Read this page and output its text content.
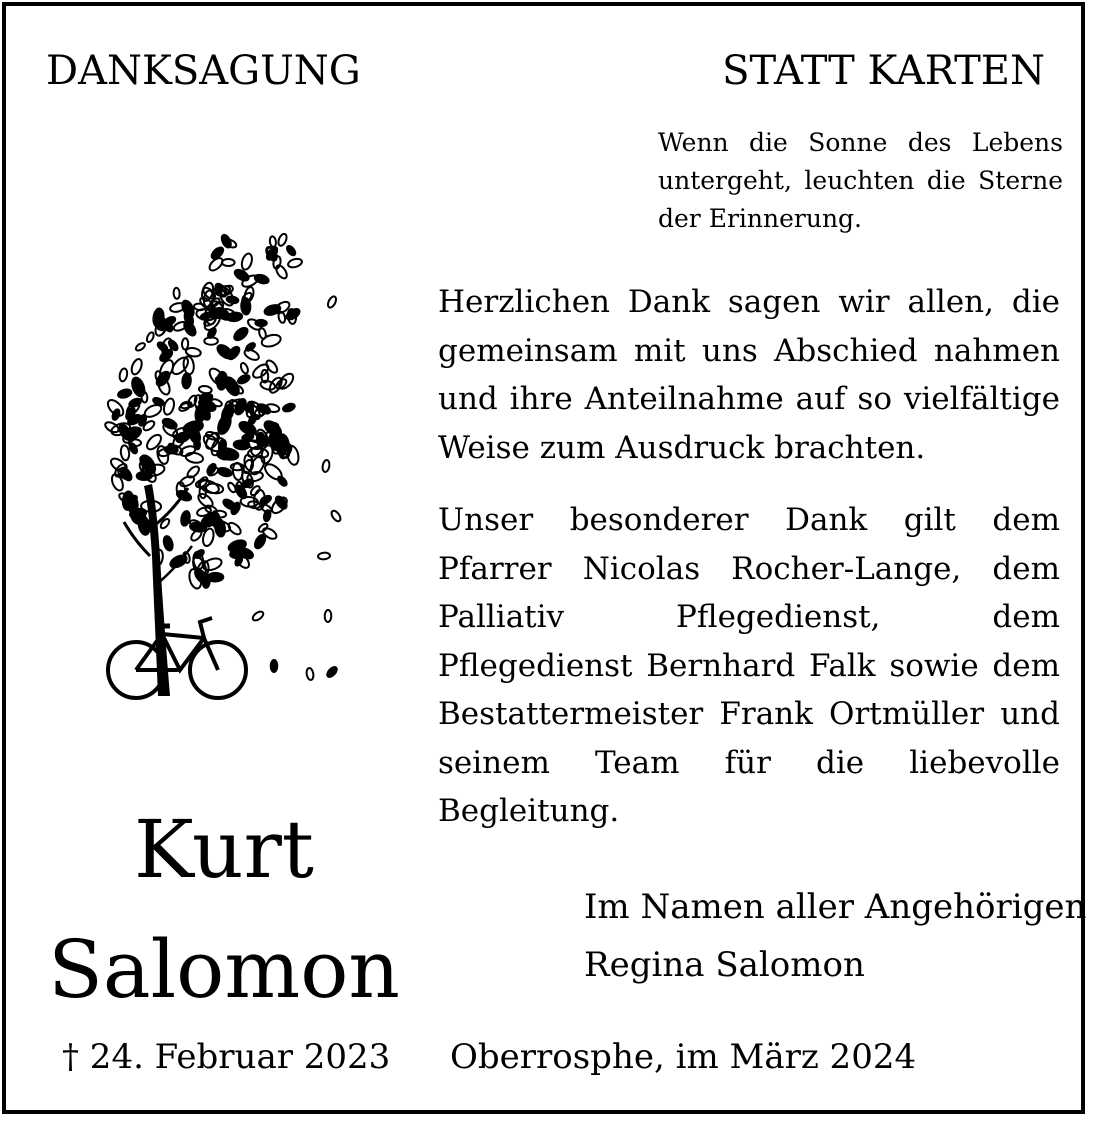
DANKSAGUNG	STATT KARTEN
Wenn die Sonne des Lebens untergeht, leuchten die Sterne der Erinnerung.

Herzlichen Dank sagen wir allen, die gemeinsam mit uns Abschied nahmen und ihre Anteilnahme auf so vielfältige Weise zum Ausdruck brachten.

Unser besonderer Dank gilt dem Pfarrer Nicolas Rocher-Lange, dem Palliativ Pflegedienst, dem Pflegedienst Bernhard Falk sowie dem Bestattermeister Frank Ortmüller und seinem Team für die liebevolle Begleitung.

Im Namen aller Angehörigen
Regina Salomon
Kurt
Salomon
† 24. Februar 2023 Oberrosphe, im März 2024
